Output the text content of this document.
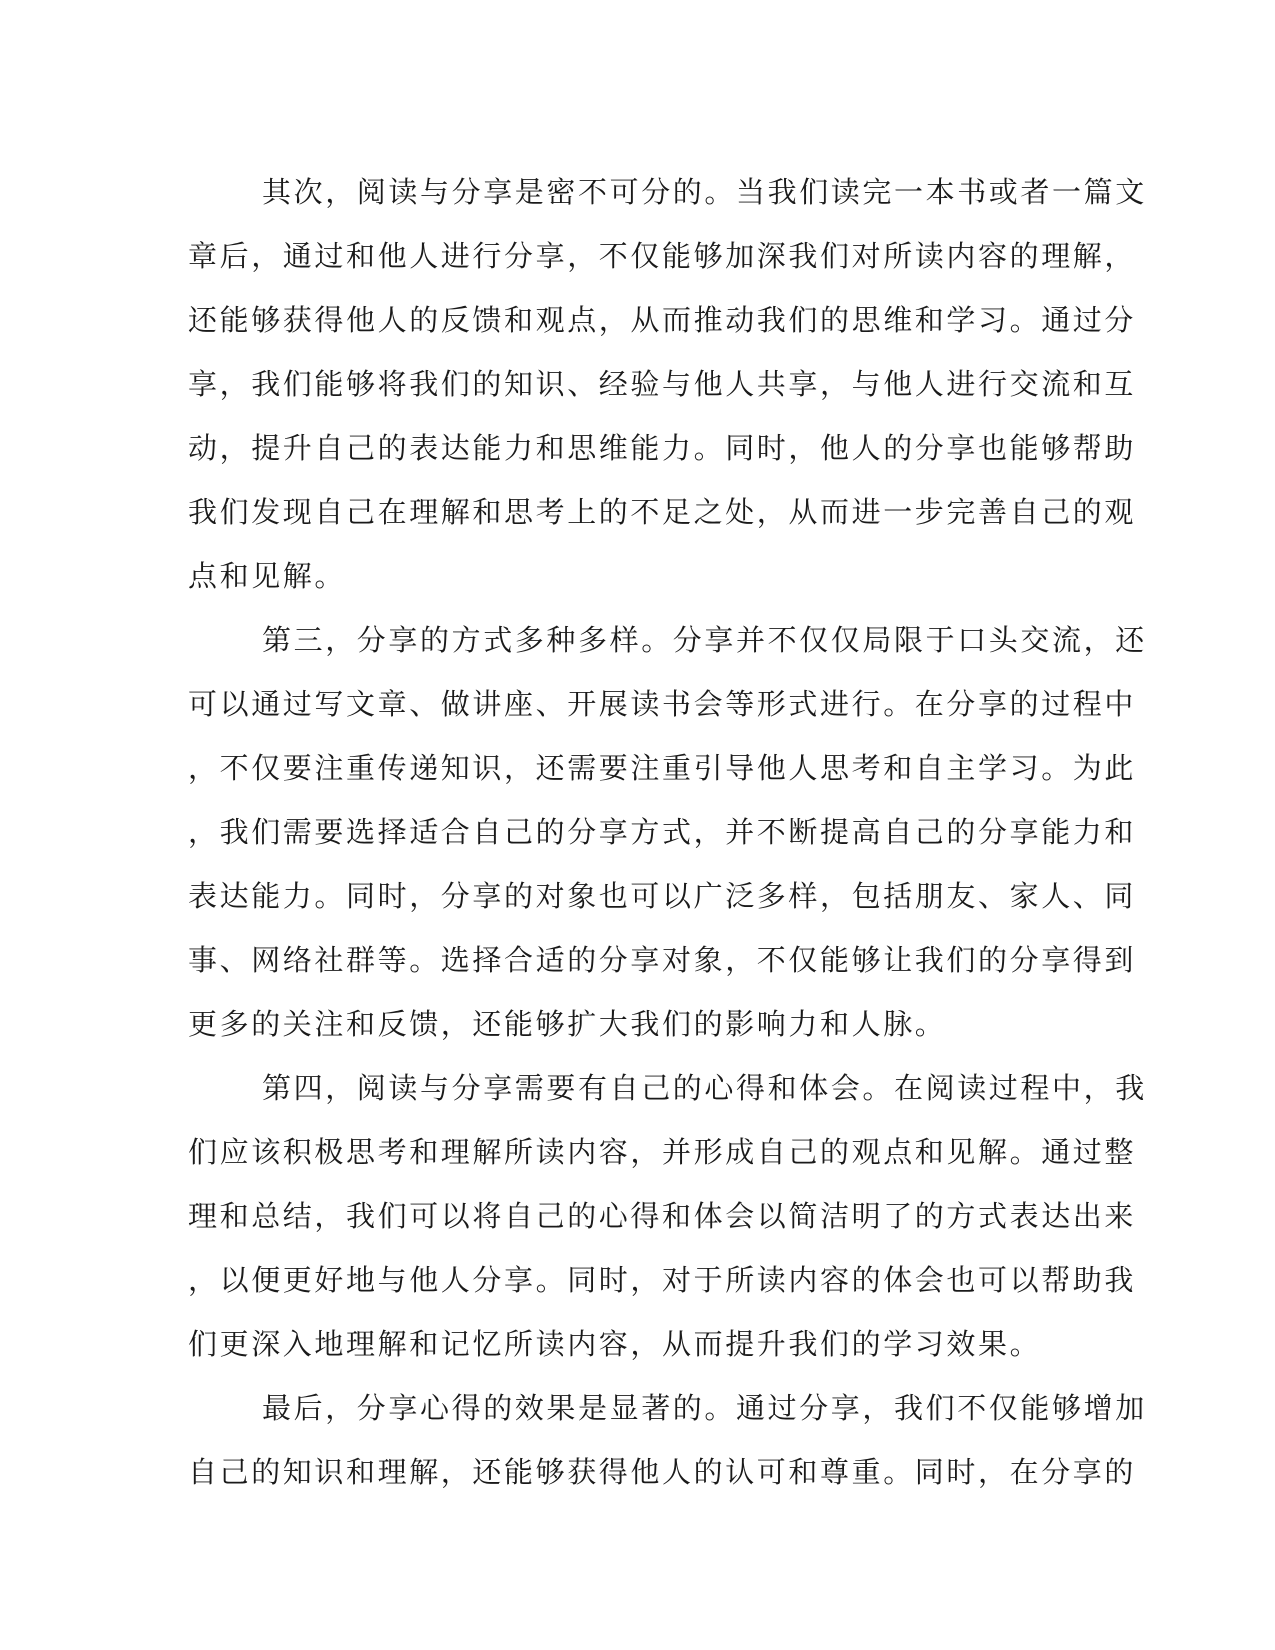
其次，阅读与分享是密不可分的。当我们读完一本书或者一篇文
章后，通过和他人进行分享，不仅能够加深我们对所读内容的理解，
还能够获得他人的反馈和观点，从而推动我们的思维和学习。通过分
享，我们能够将我们的知识、经验与他人共享，与他人进行交流和互
动，提升自己的表达能力和思维能力。同时，他人的分享也能够帮助
我们发现自己在理解和思考上的不足之处，从而进一步完善自己的观
点和见解。
第三，分享的方式多种多样。分享并不仅仅局限于口头交流，还
可以通过写文章、做讲座、开展读书会等形式进行。在分享的过程中
，不仅要注重传递知识，还需要注重引导他人思考和自主学习。为此
，我们需要选择适合自己的分享方式，并不断提高自己的分享能力和
表达能力。同时，分享的对象也可以广泛多样，包括朋友、家人、同
事、网络社群等。选择合适的分享对象，不仅能够让我们的分享得到
更多的关注和反馈，还能够扩大我们的影响力和人脉。
第四，阅读与分享需要有自己的心得和体会。在阅读过程中，我
们应该积极思考和理解所读内容，并形成自己的观点和见解。通过整
理和总结，我们可以将自己的心得和体会以简洁明了的方式表达出来
，以便更好地与他人分享。同时，对于所读内容的体会也可以帮助我
们更深入地理解和记忆所读内容，从而提升我们的学习效果。
最后，分享心得的效果是显著的。通过分享，我们不仅能够增加
自己的知识和理解，还能够获得他人的认可和尊重。同时，在分享的
